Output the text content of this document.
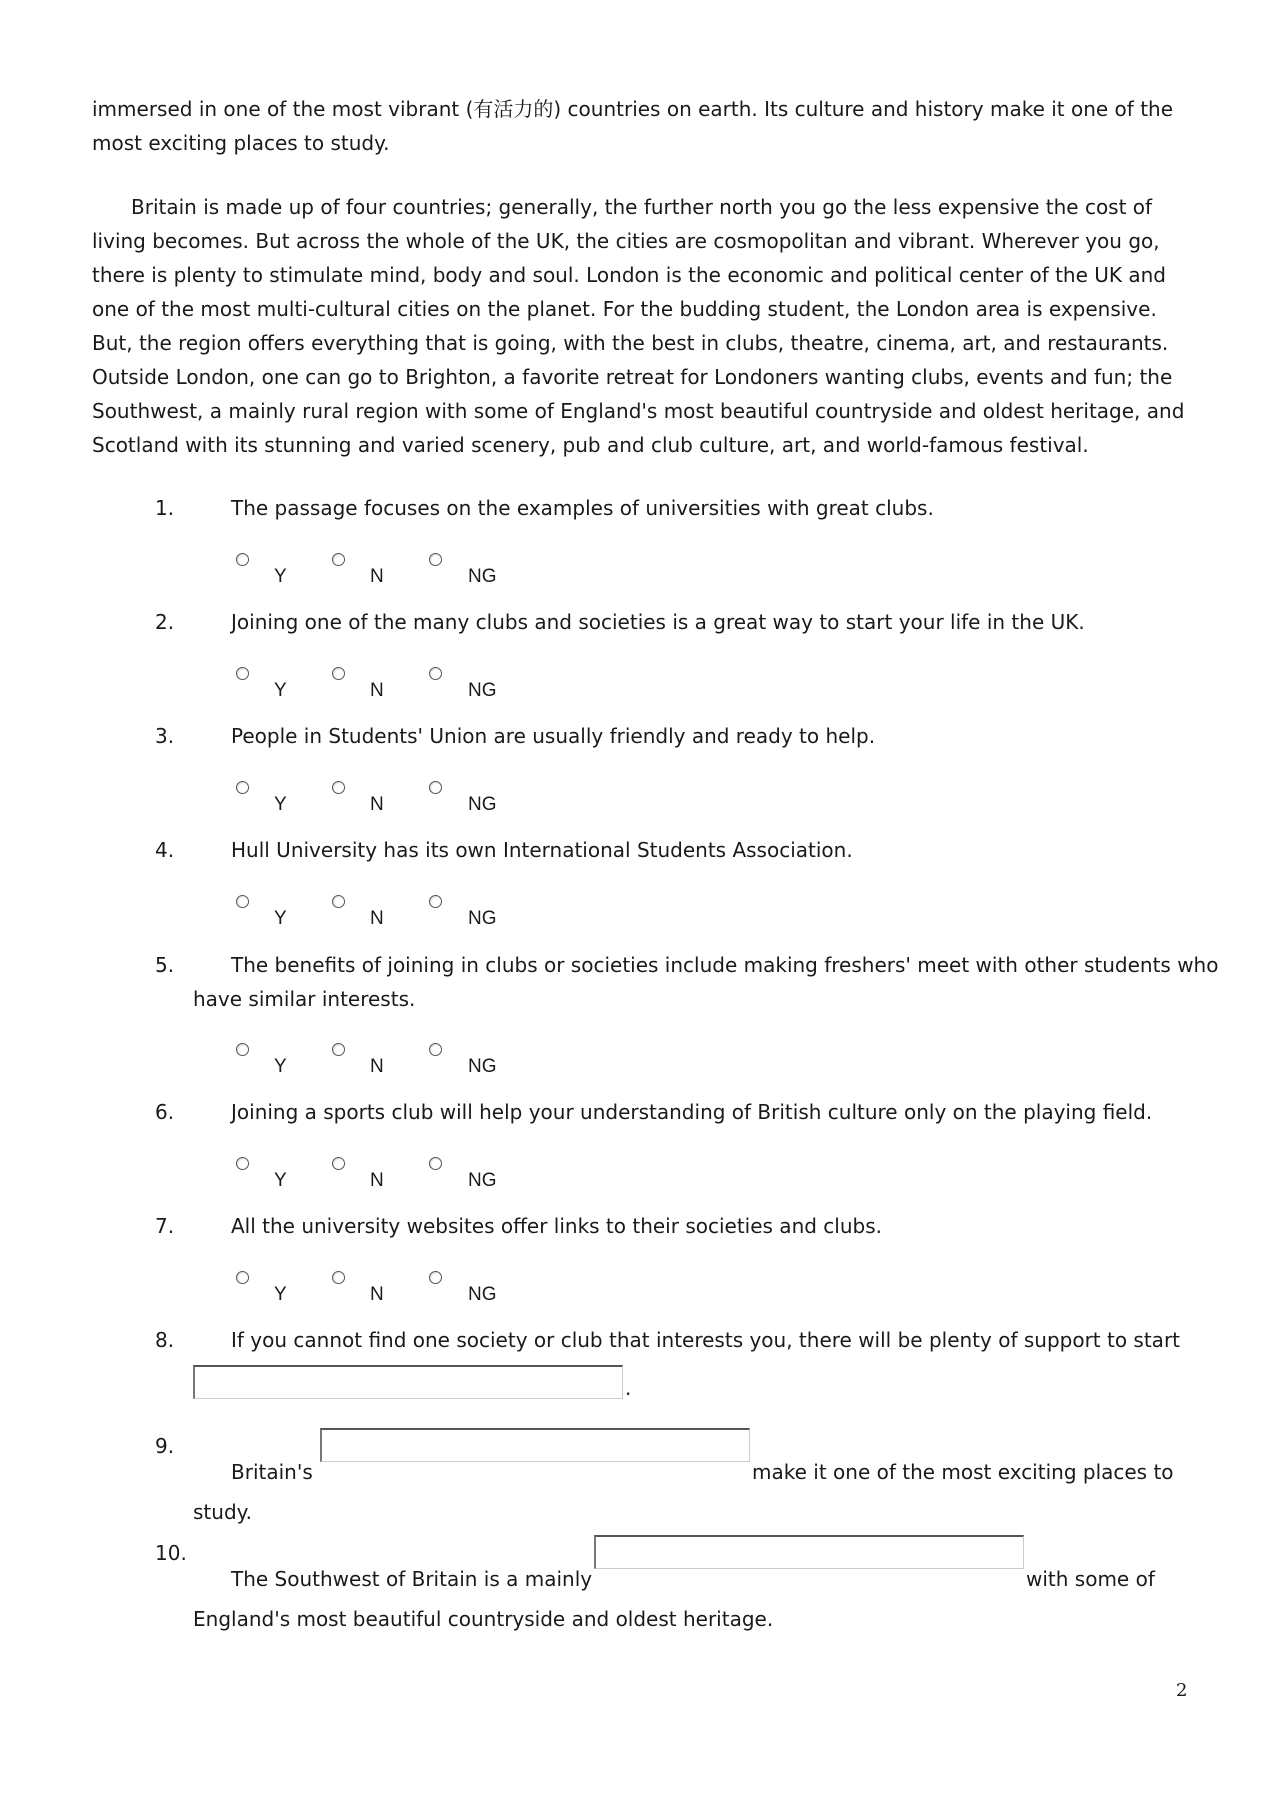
immersed in one of the most vibrant (有活力的) countries on earth. Its culture and history make it one of the most exciting places to study.

Britain is made up of four countries; generally, the further north you go the less expensive the cost of living becomes. But across the whole of the UK, the cities are cosmopolitan and vibrant. Wherever you go, there is plenty to stimulate mind, body and soul. London is the economic and political center of the UK and one of the most multi-cultural cities on the planet. For the budding student, the London area is expensive. But, the region offers everything that is going, with the best in clubs, theatre, cinema, art, and restaurants. Outside London, one can go to Brighton, a favorite retreat for Londoners wanting clubs, events and fun; the Southwest, a mainly rural region with some of England's most beautiful countryside and oldest heritage, and Scotland with its stunning and varied scenery, pub and club culture, art, and world-famous festival.

1.	The passage focuses on the examples of universities with great clubs.
Y	N	NG
2.	Joining one of the many clubs and societies is a great way to start your life in the UK.
Y	N	NG
3.	People in Students' Union are usually friendly and ready to help.
Y	N	NG
4.	Hull University has its own International Students Association.
Y	N	NG
5.	The benefits of joining in clubs or societies include making freshers' meet with other students who
have similar interests.
Y	N	NG
6.	Joining a sports club will help your understanding of British culture only on the playing field.
Y	N	NG
7.	All the university websites offer links to their societies and clubs.
Y	N	NG
8.	If you cannot find one society or club that interests you, there will be plenty of support to start
.
9.
Britain's	make it one of the most exciting places to
study.
10.
The Southwest of Britain is a mainly	with some of
England's most beautiful countryside and oldest heritage.
2
